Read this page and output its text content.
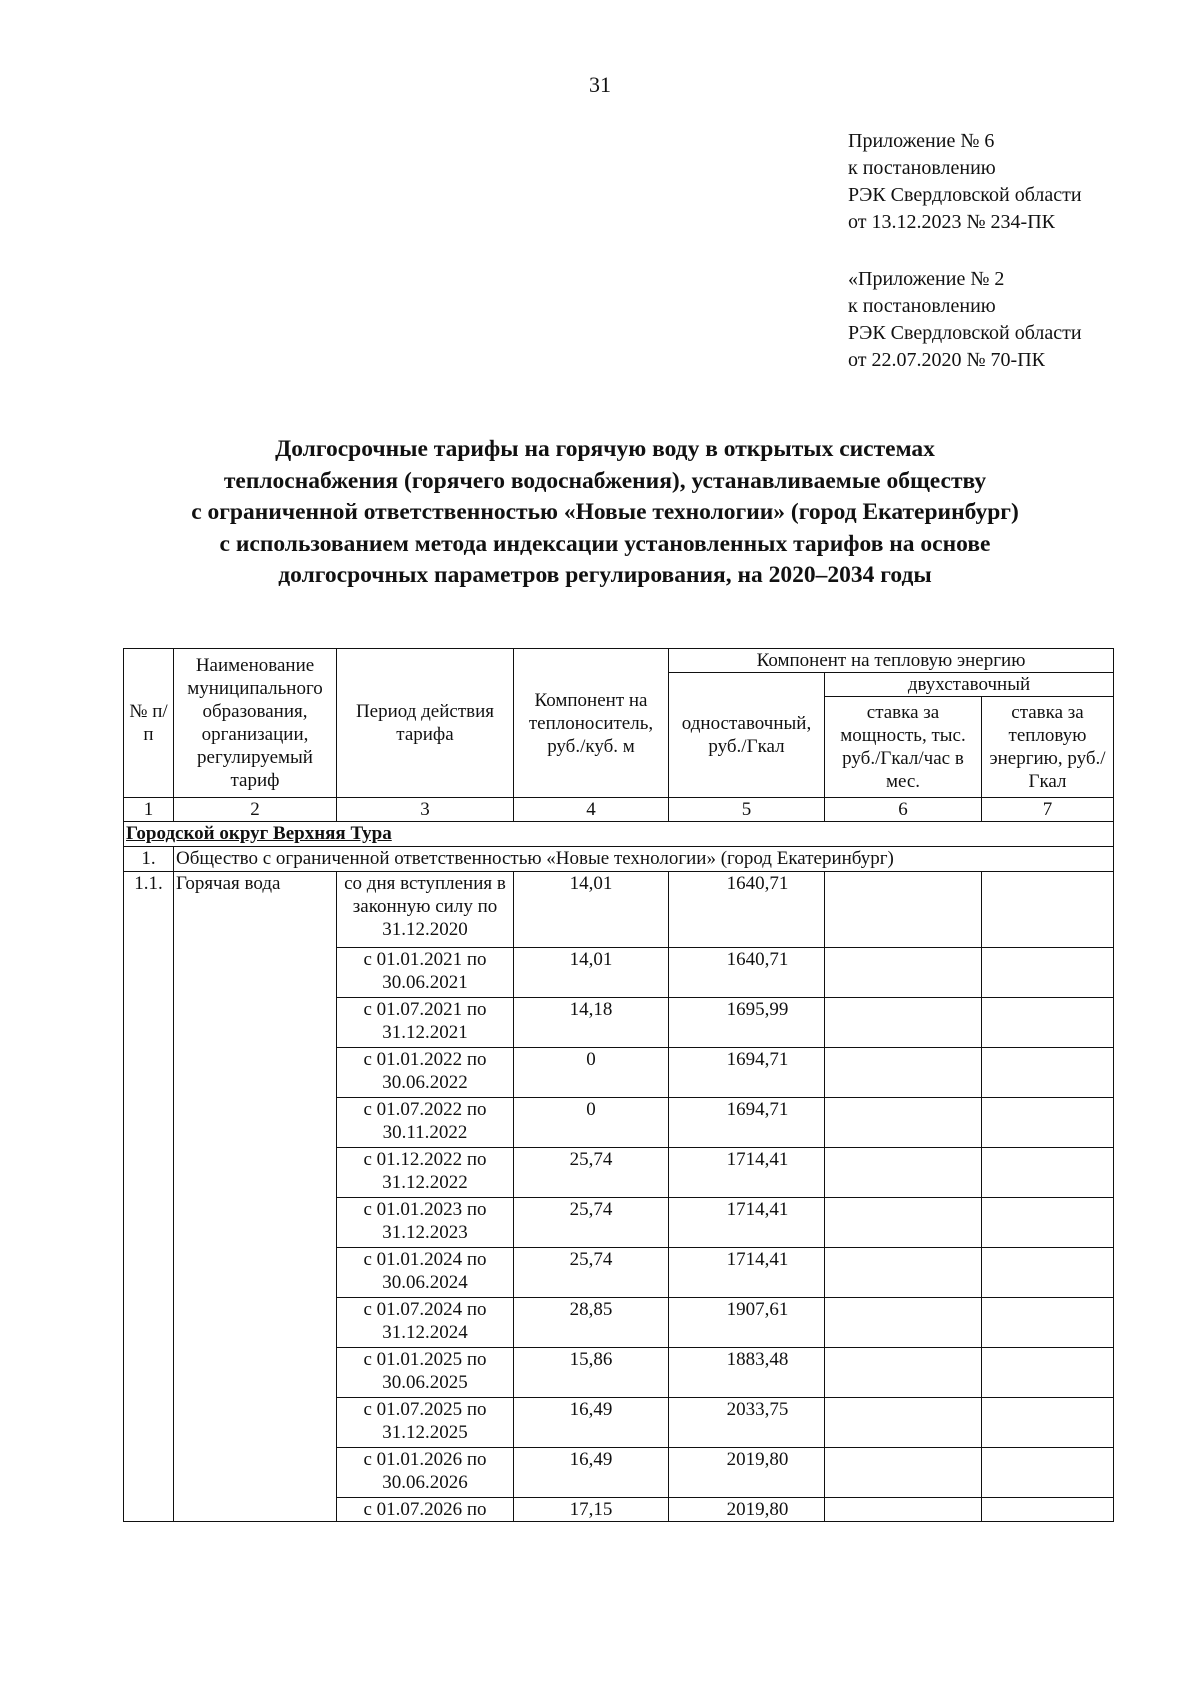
31
Приложение № 6
к постановлению
РЭК Свердловской области
от 13.12.2023 № 234-ПК
«Приложение № 2
к постановлению
РЭК Свердловской области
от 22.07.2020 № 70-ПК
Долгосрочные тарифы на горячую воду в открытых системах
теплоснабжения (горячего водоснабжения), устанавливаемые обществу
с ограниченной ответственностью «Новые технологии» (город Екатеринбург)
с использованием метода индексации установленных тарифов на основе
долгосрочных параметров регулирования, на 2020–2034 годы
№ п/п	Наименование муниципального образования, организации, регулируемый тариф	Период действия тарифа	Компонент на теплоноситель, руб./куб. м	Компонент на тепловую энергию		
				одноставочный, руб./Гкал	двухставочный	
					ставка за мощность, тыс. руб./Гкал/час в мес.	ставка за тепловую энергию, руб./Гкал
1	2	3	4	5	6	7
Городской округ Верхняя Тура						
1.	Общество с ограниченной ответственностью «Новые технологии» (город Екатеринбург)					
1.1.	Горячая вода	со дня вступления в законную силу по 31.12.2020	14,01	1640,71		
		с 01.01.2021 по 30.06.2021	14,01	1640,71		
		с 01.07.2021 по 31.12.2021	14,18	1695,99		
		с 01.01.2022 по 30.06.2022	0	1694,71		
		с 01.07.2022 по 30.11.2022	0	1694,71		
		с 01.12.2022 по 31.12.2022	25,74	1714,41		
		с 01.01.2023 по 31.12.2023	25,74	1714,41		
		с 01.01.2024 по 30.06.2024	25,74	1714,41		
		с 01.07.2024 по 31.12.2024	28,85	1907,61		
		с 01.01.2025 по 30.06.2025	15,86	1883,48		
		с 01.07.2025 по 31.12.2025	16,49	2033,75		
		с 01.01.2026 по 30.06.2026	16,49	2019,80		
		с 01.07.2026 по	17,15	2019,80		
